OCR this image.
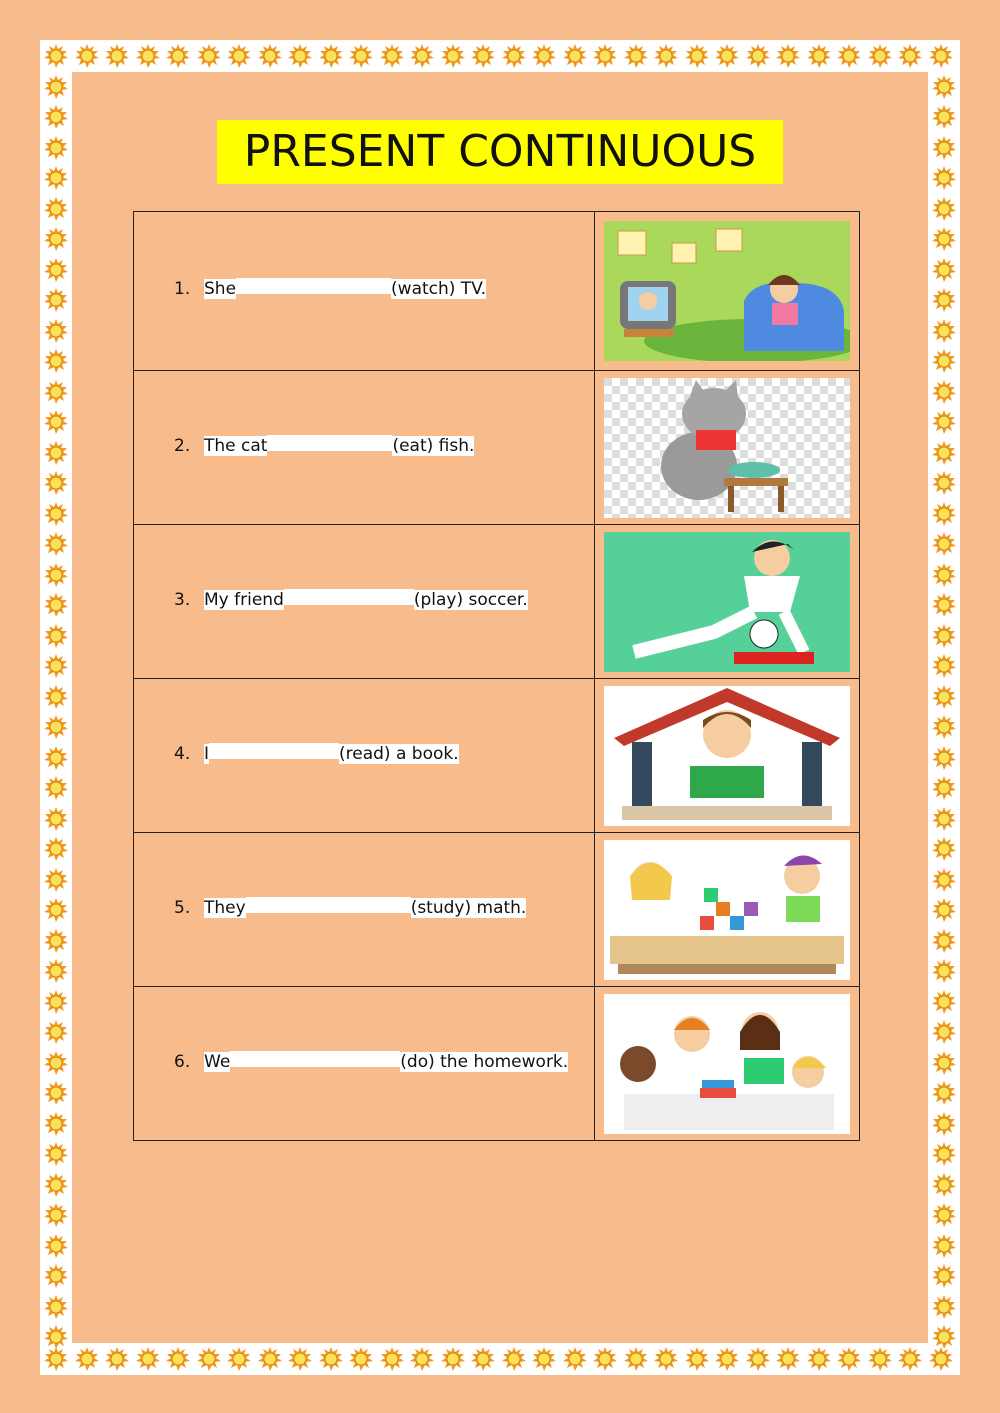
PRESENT CONTINUOUS
1. She (watch) TV.

2. The cat (eat) fish.

3. My friend (play) soccer.

4. I (read) a book.

5. They (study) math.

6. We (do) the homework.
